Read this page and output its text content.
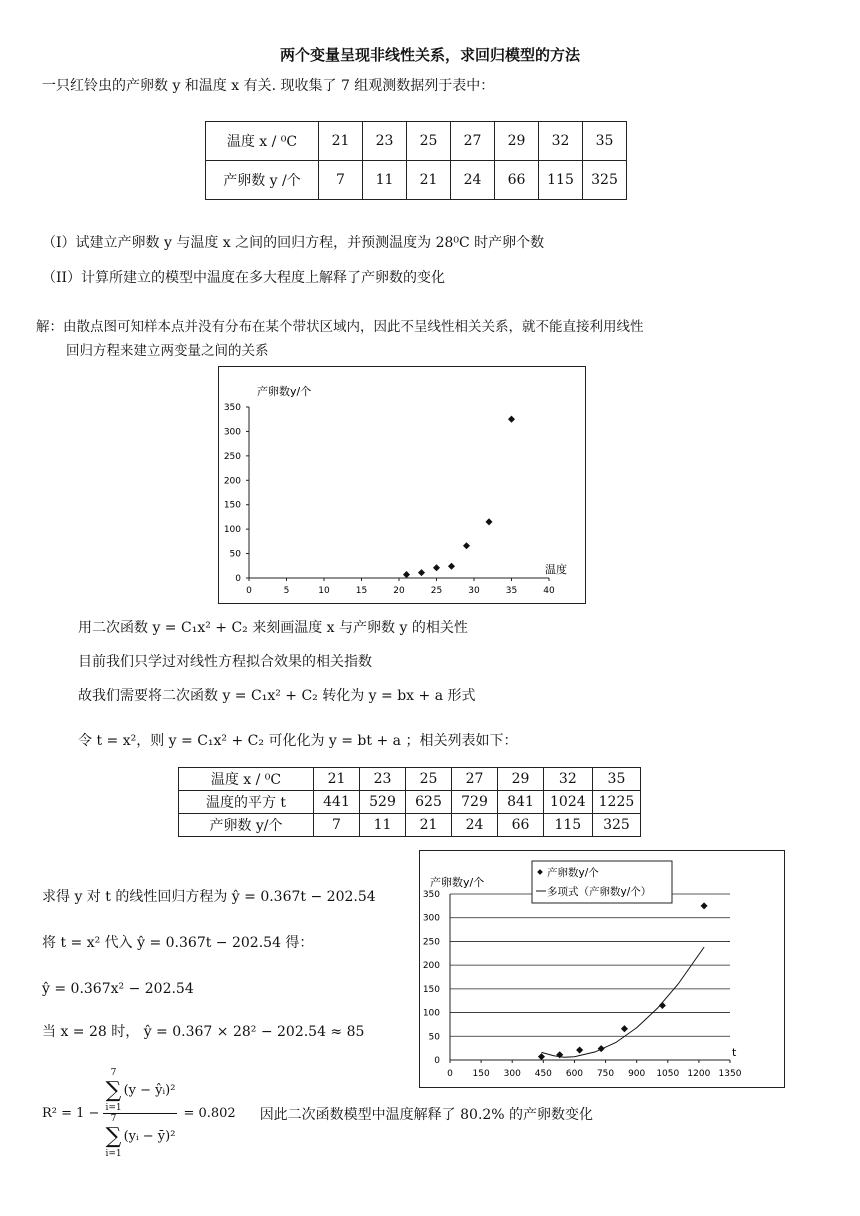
两个变量呈现非线性关系，求回归模型的方法
一只红铃虫的产卵数 y 和温度 x 有关. 现收集了 7 组观测数据列于表中：
温度 x / ⁰C	21	23	25	27	29	32	35
产卵数 y /个	7	11	21	24	66	115	325
（I）试建立产卵数 y 与温度 x 之间的回归方程，并预测温度为 28⁰C 时产卵个数
（II）计算所建立的模型中温度在多大程度上解释了产卵数的变化
解：由散点图可知样本点并没有分布在某个带状区域内，因此不呈线性相关关系，就不能直接利用线性
回归方程来建立两变量之间的关系
0
50
100
150
200
250
300
350
0	5	10	15	20	25	30	35	40
产卵数y/个
温度
用二次函数 y = C₁x² + C₂ 来刻画温度 x 与产卵数 y 的相关性
目前我们只学过对线性方程拟合效果的相关指数
故我们需要将二次函数 y = C₁x² + C₂ 转化为 y = bx + a 形式
令 t = x²，则 y = C₁x² + C₂ 可化化为 y = bt + a ；相关列表如下：
温度 x / ⁰C	21	23	25	27	29	32	35
温度的平方 t	441	529	625	729	841	1024	1225
产卵数 y/个	7	11	21	24	66	115	325
求得 y 对 t 的线性回归方程为 ŷ = 0.367t − 202.54
将 t = x² 代入 ŷ = 0.367t − 202.54 得：
ŷ = 0.367x² − 202.54
当 x = 28 时， ŷ = 0.367 × 28² − 202.54 ≈ 85
R² = 1 − 7
∑
i=1
(y − ŷᵢ)²
7
∑
i=1
(yᵢ − ȳ)² = 0.802 因此二次函数模型中温度解释了 80.2% 的产卵数变化
0
50
100
150
200
250
300
350
0 150 300 450 600 750 900 1050 1200 1350
产卵数y/个
t
产卵数y/个
多项式（产卵数y/个）
